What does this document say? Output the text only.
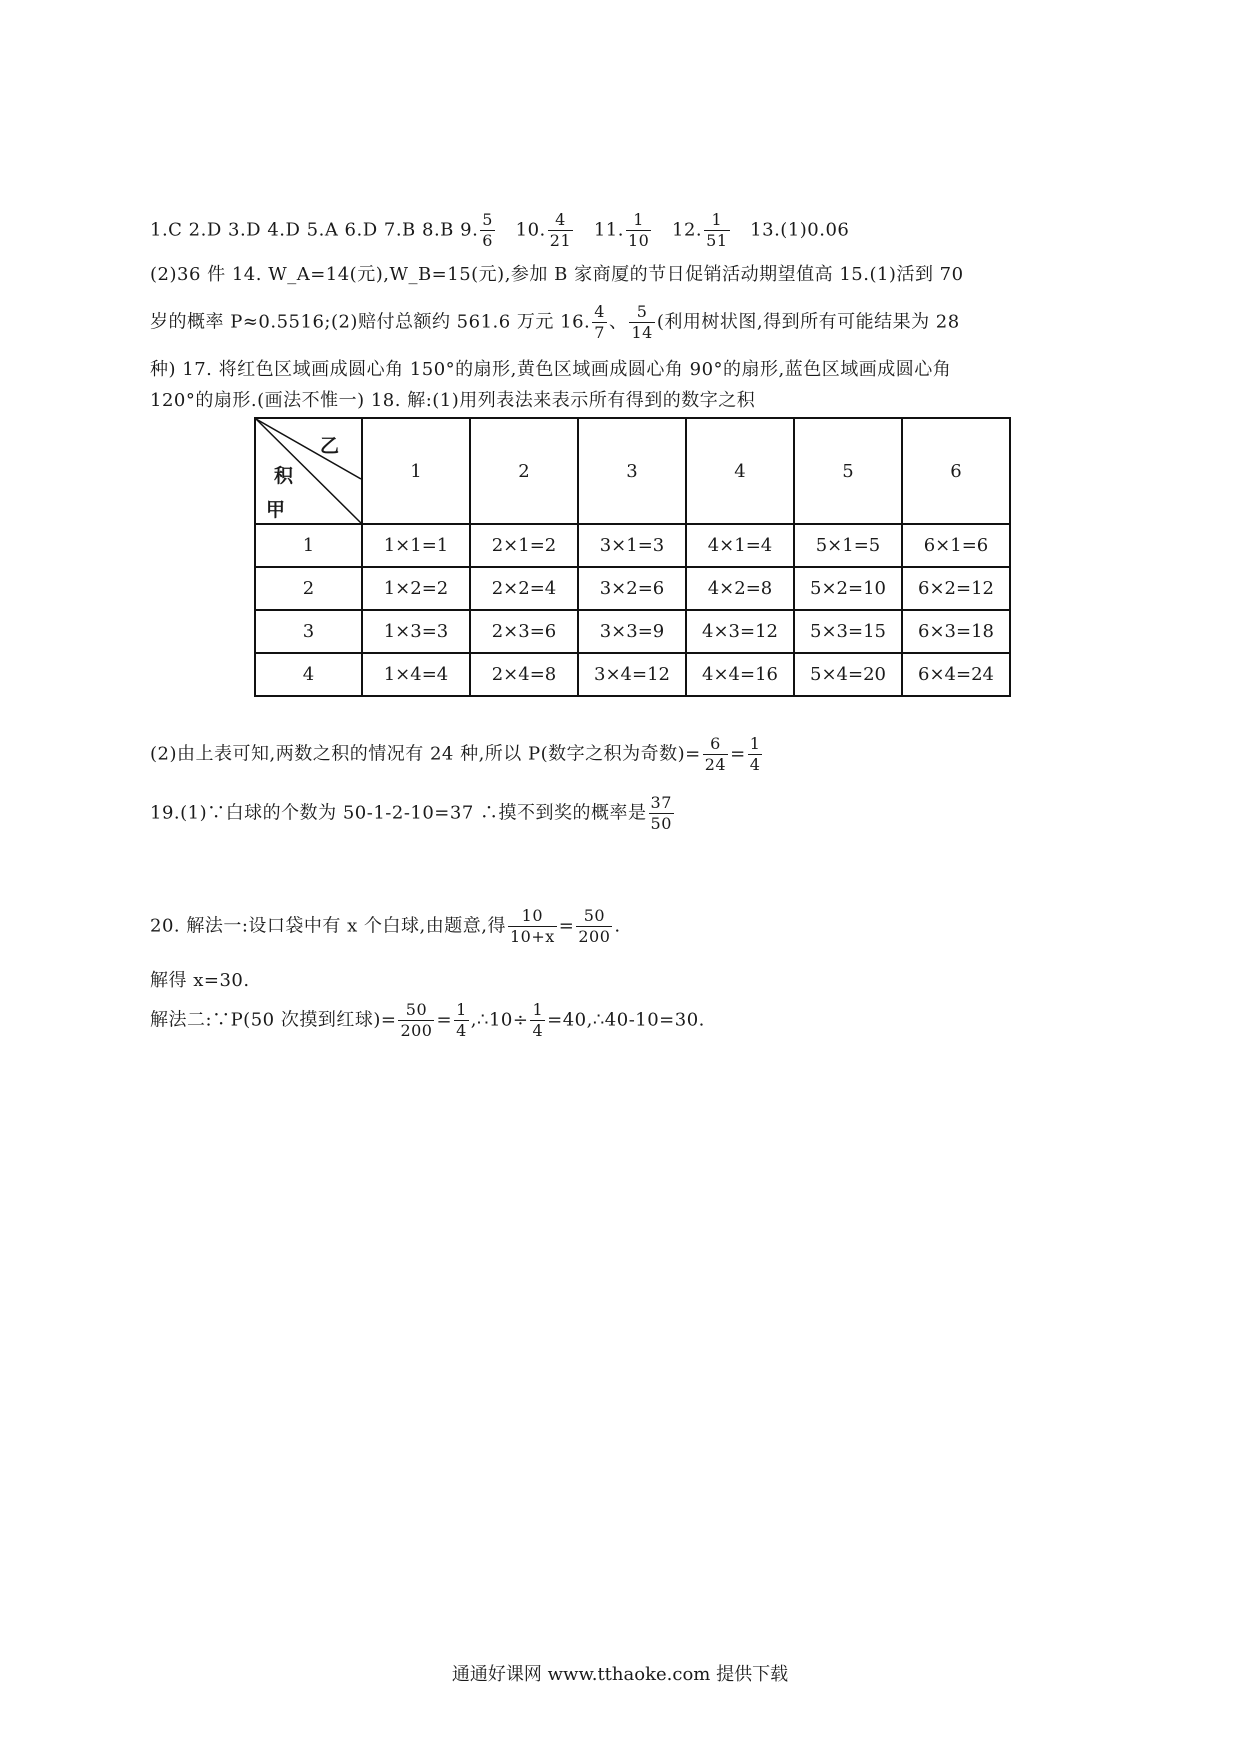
1.C 2.D 3.D 4.D 5.A 6.D 7.B 8.B 9. $\frac{5}{6} 10$. $\frac{4}{21} 11$. $\frac{1}{10} 12$. $\frac{1}{51} 13.(1)0.06$
(2)36 件 14. W_A=14(元),W_B=15(元),参加 B 家商厦的节日促销活动期望值高 15.(1)活到 70
岁的概率 P≈0.5516;(2)赔付总额约 561.6 万元 16. $\frac{4}{7}$ 、 $\frac{5}{14}$ (利用树状图,得到所有可能结果为 28
种) 17. 将红色区域画成圆心角 150°的扇形,黄色区域画成圆心角 90°的扇形,蓝色区域画成圆心角
120°的扇形.(画法不惟一) 18. 解:(1)用列表法来表示所有得到的数字之积
乙
积
甲	1	2	3	4	5	6
1	1×1=1	2×1=2	3×1=3	4×1=4	5×1=5	6×1=6
2	1×2=2	2×2=4	3×2=6	4×2=8	5×2=10	6×2=12
3	1×3=3	2×3=6	3×3=9	4×3=12	5×3=15	6×3=18
4	1×4=4	2×4=8	3×4=12	4×4=16	5×4=20	6×4=24
(2)由上表可知,两数之积的情况有 24 种,所以 P(数字之积为奇数)= $\frac{6}{24} = \frac{1}{4}$
19.(1)∵白球的个数为 50-1-2-10=37 ∴摸不到奖的概率是 $\frac{37}{50}$
20. 解法一:设口袋中有 x 个白球,由题意,得 $\frac{10}{10+x} = \frac{50}{200}$ .
解得 x=30.
解法二:∵P(50 次摸到红球)= $\frac{50}{200} = \frac{1}{4}$ ,∴10÷ $\frac{1}{4}$ =40,∴40-10=30.
通通好课网 www.tthaoke.com 提供下载
